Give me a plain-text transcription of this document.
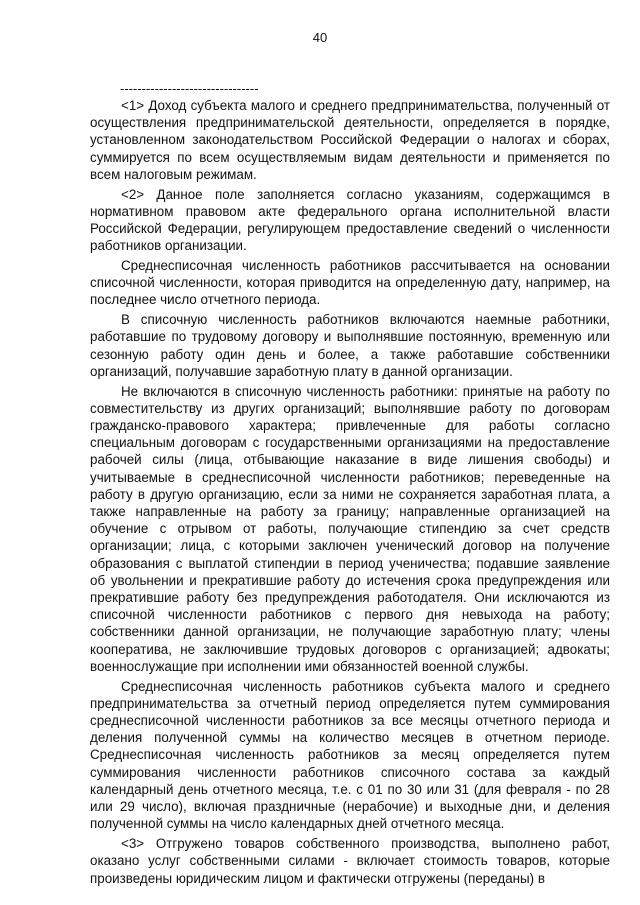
40
--------------------------------

<1> Доход субъекта малого и среднего предпринимательства, полученный от осуществления предпринимательской деятельности, определяется в порядке, установленном законодательством Российской Федерации о налогах и сборах, суммируется по всем осуществляемым видам деятельности и применяется по всем налоговым режимам.

<2> Данное поле заполняется согласно указаниям, содержащимся в нормативном правовом акте федерального органа исполнительной власти Российской Федерации, регулирующем предоставление сведений о численности работников организации.

Среднесписочная численность работников рассчитывается на основании списочной численности, которая приводится на определенную дату, например, на последнее число отчетного периода.

В списочную численность работников включаются наемные работники, работавшие по трудовому договору и выполнявшие постоянную, временную или сезонную работу один день и более, а также работавшие собственники организаций, получавшие заработную плату в данной организации.

Не включаются в списочную численность работники: принятые на работу по совместительству из других организаций; выполнявшие работу по договорам гражданско-правового характера; привлеченные для работы согласно специальным договорам с государственными организациями на предоставление рабочей силы (лица, отбывающие наказание в виде лишения свободы) и учитываемые в среднесписочной численности работников; переведенные на работу в другую организацию, если за ними не сохраняется заработная плата, а также направленные на работу за границу; направленные организацией на обучение с отрывом от работы, получающие стипендию за счет средств организации; лица, с которыми заключен ученический договор на получение образования с выплатой стипендии в период ученичества; подавшие заявление об увольнении и прекратившие работу до истечения срока предупреждения или прекратившие работу без предупреждения работодателя. Они исключаются из списочной численности работников с первого дня невыхода на работу; собственники данной организации, не получающие заработную плату; члены кооператива, не заключившие трудовых договоров с организацией; адвокаты; военнослужащие при исполнении ими обязанностей военной службы.

Среднесписочная численность работников субъекта малого и среднего предпринимательства за отчетный период определяется путем суммирования среднесписочной численности работников за все месяцы отчетного периода и деления полученной суммы на количество месяцев в отчетном периоде. Среднесписочная численность работников за месяц определяется путем суммирования численности работников списочного состава за каждый календарный день отчетного месяца, т.е. с 01 по 30 или 31 (для февраля - по 28 или 29 число), включая праздничные (нерабочие) и выходные дни, и деления полученной суммы на число календарных дней отчетного месяца.

<3> Отгружено товаров собственного производства, выполнено работ, оказано услуг собственными силами - включает стоимость товаров, которые произведены юридическим лицом и фактически отгружены (переданы) в
